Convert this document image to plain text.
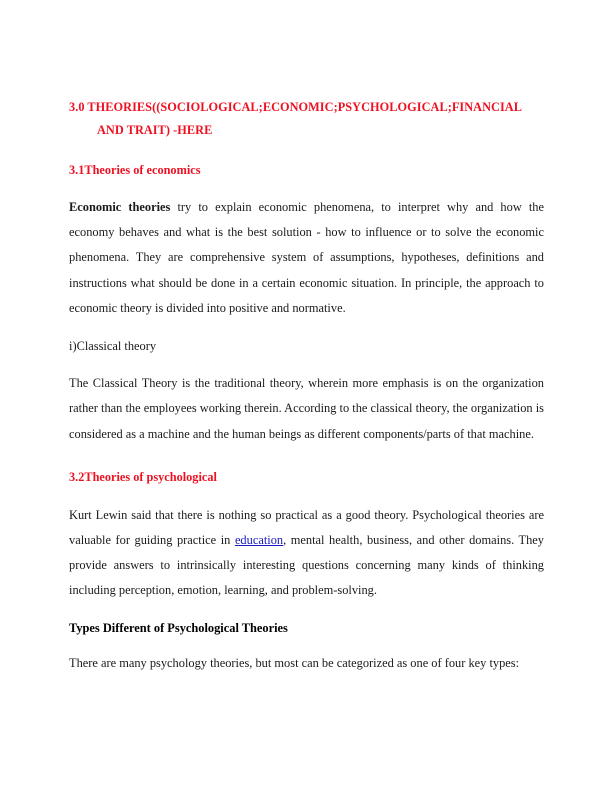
3.0 THEORIES((SOCIOLOGICAL;ECONOMIC;PSYCHOLOGICAL;FINANCIAL AND TRAIT) -HERE
3.1Theories of economics

Economic theories try to explain economic phenomena, to interpret why and how the economy behaves and what is the best solution - how to influence or to solve the economic phenomena. They are comprehensive system of assumptions, hypotheses, definitions and instructions what should be done in a certain economic situation. In principle, the approach to economic theory is divided into positive and normative.

i)Classical theory

The Classical Theory is the traditional theory, wherein more emphasis is on the organization rather than the employees working therein. According to the classical theory, the organization is considered as a machine and the human beings as different components/parts of that machine.

3.2Theories of psychological

Kurt Lewin said that there is nothing so practical as a good theory. Psychological theories are valuable for guiding practice in education, mental health, business, and other domains. They provide answers to intrinsically interesting questions concerning many kinds of thinking including perception, emotion, learning, and problem-solving.

Types Different of Psychological Theories

There are many psychology theories, but most can be categorized as one of four key types:
